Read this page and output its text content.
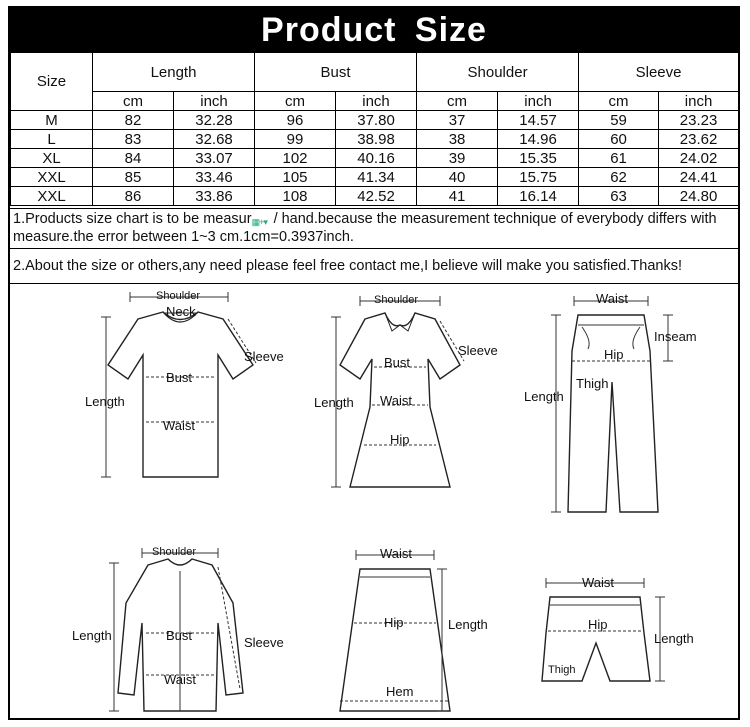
Product Size
Size	Length		Bust		Shoulder		Sleeve	
	cm	inch	cm	inch	cm	inch	cm	inch
M	82	32.28	96	37.80	37	14.57	59	23.23
L	83	32.68	99	38.98	38	14.96	60	23.62
XL	84	33.07	102	40.16	39	15.35	61	24.02
XXL	85	33.46	105	41.34	40	15.75	62	24.41
XXL	86	33.86	108	42.52	41	16.14	63	24.80
1.Products size chart is to be measur▦+▾ / hand.because the measurement technique of everybody differs with measure.the error between 1~3 cm.1cm=0.3937inch.
2.About the size or others,any need please feel free contact me,I believe will make you satisfied.Thanks!
Shoulder
Neck
Sleeve
Bust
Length
Waist
Shoulder
Sleeve
Bust
Length Waist
Hip
Waist
Inseam
Hip
Thigh
Length
Shoulder
Length	Bust	Sleeve
Waist
Waist
Hip	Length
Hem
Waist
Hip
Length
Thigh
